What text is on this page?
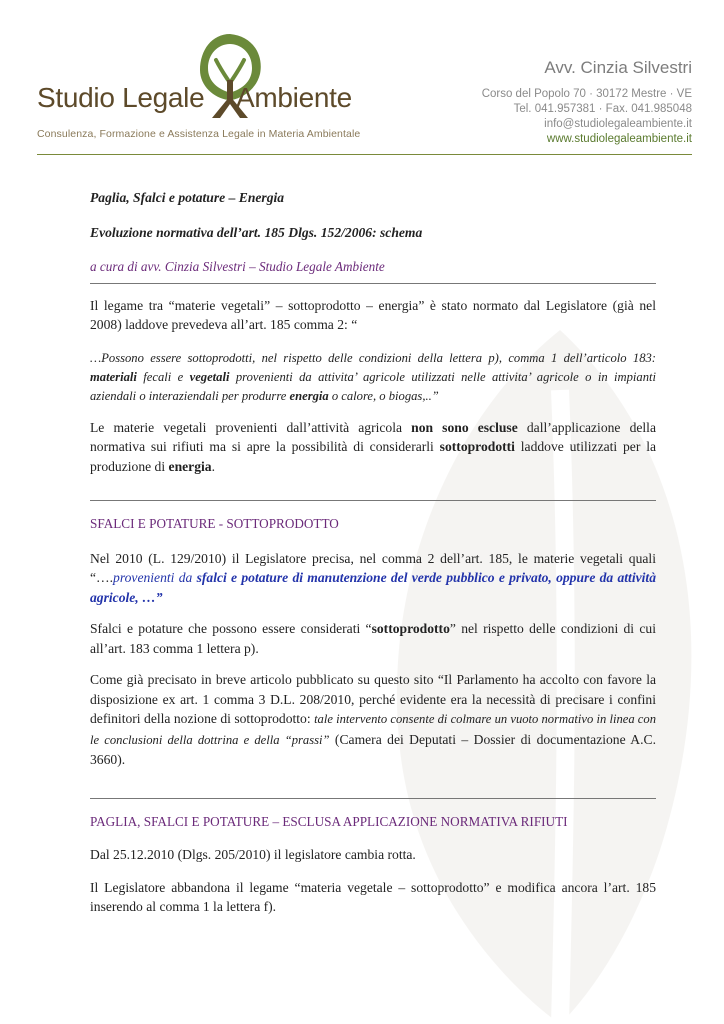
Studio Legale Ambiente
Consulenza, Formazione e Assistenza Legale in Materia Ambientale
Avv. Cinzia Silvestri
Corso del Popolo 70 · 30172 Mestre · VE
Tel. 041.957381 · Fax. 041.985048
info@studiolegaleambiente.it
www.studiolegaleambiente.it
Paglia, Sfalci e potature – Energia
Evoluzione normativa dell’art. 185 Dlgs. 152/2006: schema
a cura di avv. Cinzia Silvestri – Studio Legale Ambiente

Il legame tra “materie vegetali” – sottoprodotto – energia” è stato normato dal Legislatore (già nel 2008) laddove prevedeva all’art. 185 comma 2: “

…Possono essere sottoprodotti, nel rispetto delle condizioni della lettera p), comma 1 dell’articolo 183: materiali fecali e vegetali provenienti da attivita’ agricole utilizzati nelle attivita’ agricole o in impianti aziendali o interaziendali per produrre energia o calore, o biogas,..”

Le materie vegetali provenienti dall’attività agricola non sono escluse dall’applicazione della normativa sui rifiuti ma si apre la possibilità di considerarli sottoprodotti laddove utilizzati per la produzione di energia.

SFALCI E POTATURE - SOTTOPRODOTTO

Nel 2010 (L. 129/2010) il Legislatore precisa, nel comma 2 dell’art. 185, le materie vegetali quali “….provenienti da sfalci e potature di manutenzione del verde pubblico e privato, oppure da attività agricole, …”

Sfalci e potature che possono essere considerati “sottoprodotto” nel rispetto delle condizioni di cui all’art. 183 comma 1 lettera p).

Come già precisato in breve articolo pubblicato su questo sito “Il Parlamento ha accolto con favore la disposizione ex art. 1 comma 3 D.L. 208/2010, perché evidente era la necessità di precisare i confini definitori della nozione di sottoprodotto: tale intervento consente di colmare un vuoto normativo in linea con le conclusioni della dottrina e della “prassi” (Camera dei Deputati – Dossier di documentazione A.C. 3660).

PAGLIA, SFALCI E POTATURE – ESCLUSA APPLICAZIONE NORMATIVA RIFIUTI

Dal 25.12.2010 (Dlgs. 205/2010) il legislatore cambia rotta.

Il Legislatore abbandona il legame “materia vegetale – sottoprodotto” e modifica ancora l’art. 185 inserendo al comma 1 la lettera f).
